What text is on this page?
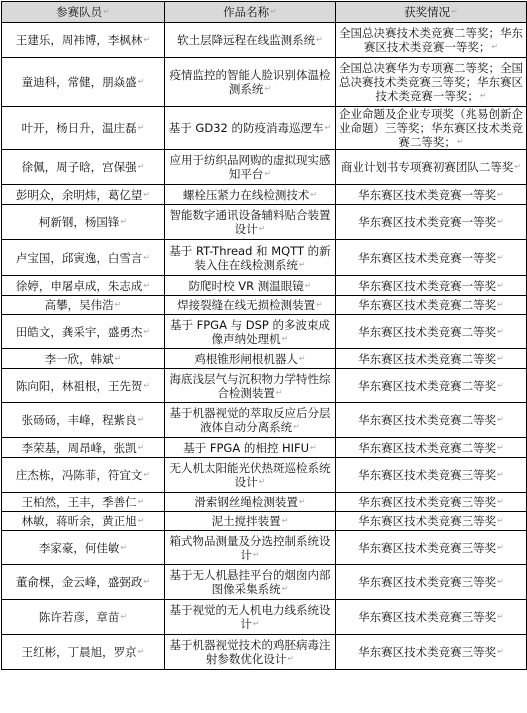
参赛队员↵	作品名称↵	获奖情况↵
王建乐，周袆博，李枫林↵	软土层降远程在线监测系统↵	全国总决赛技术类竞赛二等奖；华东赛区技术类竞赛一等奖；↵
童迪科，常健，朋焱盛↵	疫情监控的智能人脸识别体温检测系统↵	全国总决赛华为专项赛二等奖；全国总决赛技术类竞赛三等奖；华东赛区技术类竞赛一等奖；↵
叶开，杨日升，温庄磊↵	基于 GD32 的防疫消毒巡逻车↵	企业命题及企业专项奖（兆易创新企业命题）三等奖；华东赛区技术类竞赛二等奖；↵
徐佩，周子晗，宫保强↵	应用于纺织品网购的虚拟现实感知平台↵	商业计划书专项赛初赛团队二等奖↵
彭明众，余明炜，葛亿望↵	螺栓压紧力在线检测技术↵	华东赛区技术类竞赛一等奖↵
柯新钢，杨国锋↵	智能数字通讯设备辅料贴合装置设计↵	华东赛区技术类竞赛一等奖↵
卢宝国，邱寅逸，白雪言↵	基于 RT-Thread 和 MQTT 的新装入住在线检测系统↵	华东赛区技术类竞赛一等奖↵
徐婷，申屠卓成，朱志成↵	防爬时校 VR 测温眼镜↵	华东赛区技术类竞赛一等奖↵
高攀，吴伟浩↵	焊接裂缝在线无损检测装置↵	华东赛区技术类竞赛二等奖↵
田皓文，龚采宇，盛勇杰↵	基于 FPGA 与 DSP 的多波束成像声纳处理机↵	华东赛区技术类竞赛二等奖↵
李一欣，韩斌↵	鸡根锥形闸根机器人↵	华东赛区技术类竞赛二等奖↵
陈向阳，林祖根，王先贺↵	海底浅层气与沉积物力学特性综合检测装置↵	华东赛区技术类竞赛二等奖↵
张砀砀，丰峰，程紫良↵	基于机器视觉的萃取反应后分层液体自动分离系统↵	华东赛区技术类竞赛二等奖↵
李荣基，周昂峰，张凯↵	基于 FPGA 的相控 HIFU↵	华东赛区技术类竞赛二等奖↵
庄杰栋，冯陈菲，符宜文↵	无人机太阳能光伏热斑巡检系统设计↵	华东赛区技术类竞赛三等奖↵
王柏然，王丰，季善仁↵	滑索钢丝绳检测装置↵	华东赛区技术类竞赛三等奖↵
林敏，蒋昕余，黄正旭↵	泥土搅拌装置↵	华东赛区技术类竞赛三等奖↵
李家豪，何佳敏↵	箱式物品测量及分选控制系统设计↵	华东赛区技术类竞赛三等奖↵
董俞棵，金云峰，盛弼政↵	基于无人机悬挂平台的烟囱内部图像采集系统↵	华东赛区技术类竞赛三等奖↵
陈许若彦，章苗↵	基于视觉的无人机电力线系统设计↵	华东赛区技术类竞赛三等奖↵
王红彬，丁晨旭，罗京↵	基于机器视觉技术的鸡胚病毒注射参数优化设计↵	华东赛区技术类竞赛三等奖↵
